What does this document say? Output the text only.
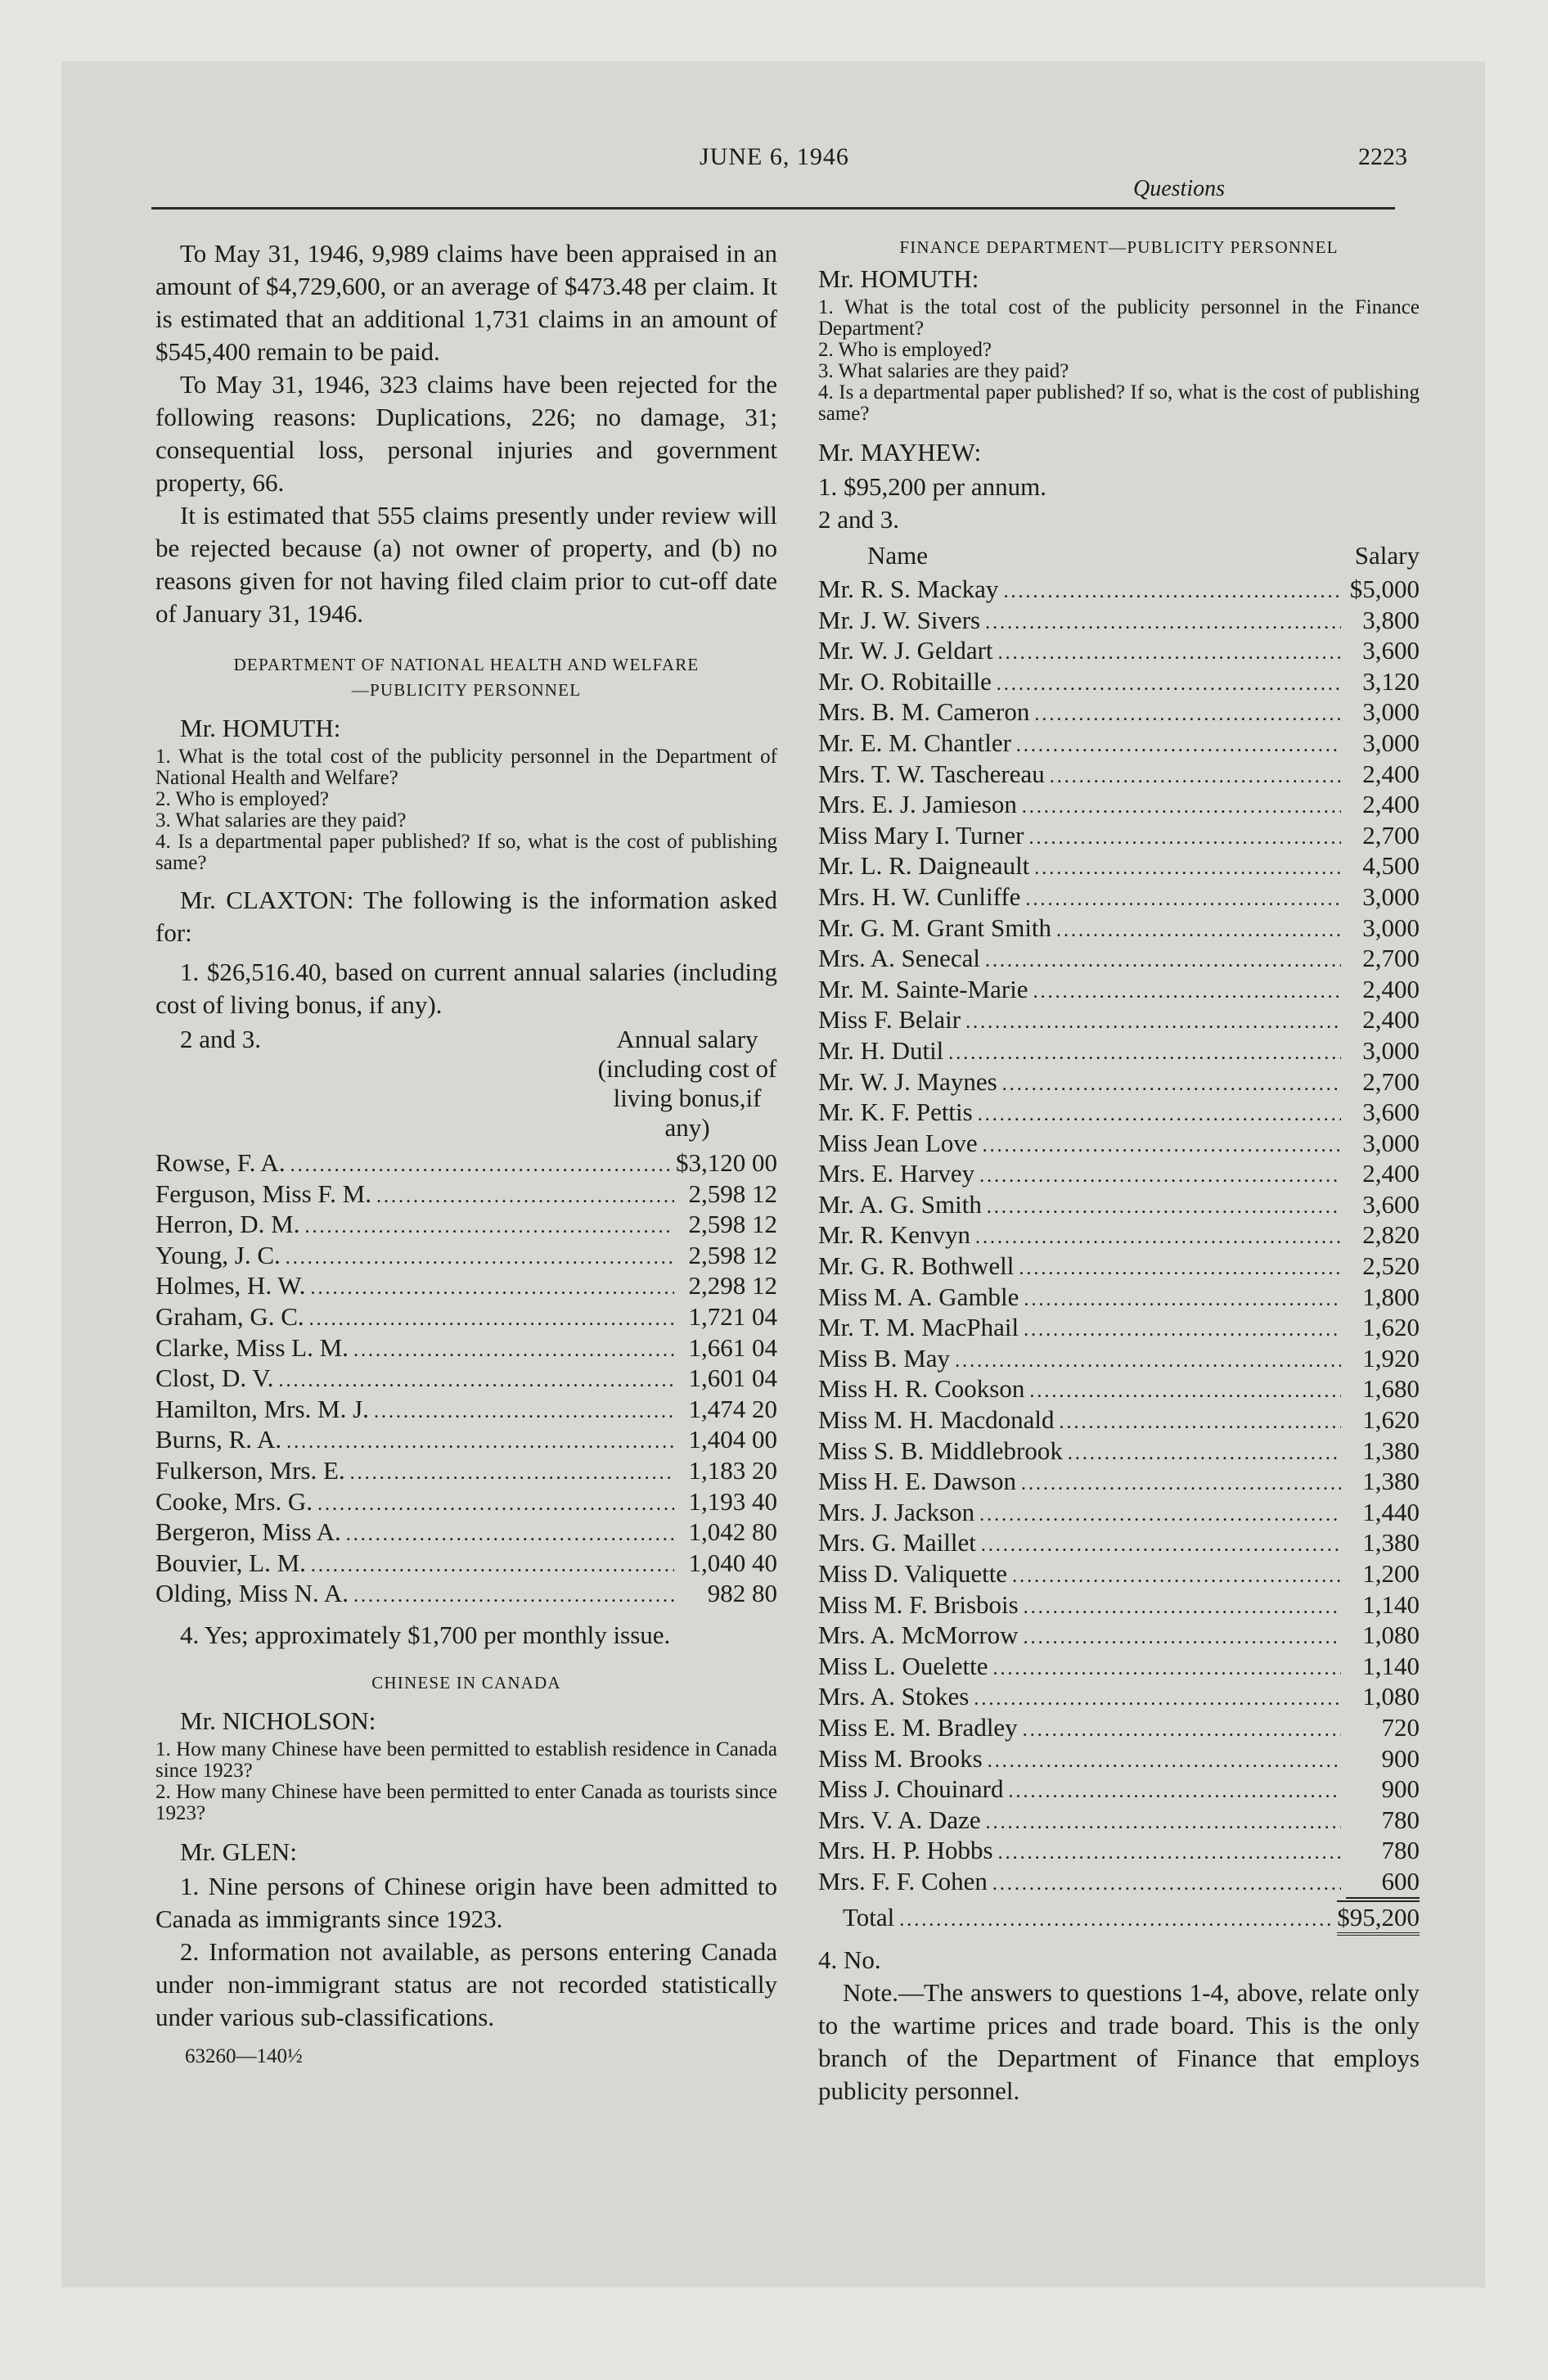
JUNE 6, 1946
Questions
2223

To May 31, 1946, 9,989 claims have been appraised in an amount of $4,729,600, or an average of $473.48 per claim. It is estimated that an additional 1,731 claims in an amount of $545,400 remain to be paid.

To May 31, 1946, 323 claims have been rejected for the following reasons: Duplications, 226; no damage, 31; consequential loss, personal injuries and government property, 66.

It is estimated that 555 claims presently under review will be rejected because (a) not owner of property, and (b) no reasons given for not having filed claim prior to cut-off date of January 31, 1946.

DEPARTMENT OF NATIONAL HEALTH AND WELFARE
—PUBLICITY PERSONNEL
Mr. HOMUTH:

1. What is the total cost of the publicity personnel in the Department of National Health and Welfare?

2. Who is employed?

3. What salaries are they paid?

4. Is a departmental paper published? If so, what is the cost of publishing same?

Mr. CLAXTON: The following is the information asked for:

1. $26,516.40, based on current annual salaries (including cost of living bonus, if any).

2 and 3.	Annual salary (including cost of living bonus,if any)
Rowse, F. A. .....	$3,120 00
Ferguson, Miss F. M. .....	2,598 12
Herron, D. M. .....	2,598 12
Young, J. C. .....	2,598 12
Holmes, H. W. .....	2,298 12
Graham, G. C. .....	1,721 04
Clarke, Miss L. M. .....	1,661 04
Clost, D. V. .....	1,601 04
Hamilton, Mrs. M. J. .....	1,474 20
Burns, R. A. .....	1,404 00
Fulkerson, Mrs. E. .....	1,183 20
Cooke, Mrs. G. .....	1,193 40
Bergeron, Miss A. .....	1,042 80
Bouvier, L. M. .....	1,040 40
Olding, Miss N. A. .....	982 80

4. Yes; approximately $1,700 per monthly issue.

CHINESE IN CANADA
Mr. NICHOLSON:

1. How many Chinese have been permitted to establish residence in Canada since 1923?

2. How many Chinese have been permitted to enter Canada as tourists since 1923?

Mr. GLEN:

1. Nine persons of Chinese origin have been admitted to Canada as immigrants since 1923.

2. Information not available, as persons entering Canada under non-immigrant status are not recorded statistically under various sub-classifications.

63260—140½
FINANCE DEPARTMENT—PUBLICITY PERSONNEL
Mr. HOMUTH:

1. What is the total cost of the publicity personnel in the Finance Department?

2. Who is employed?

3. What salaries are they paid?

4. Is a departmental paper published? If so, what is the cost of publishing same?

Mr. MAYHEW:

1. $95,200 per annum.

2 and 3.

Name	Salary
Mr. R. S. Mackay .....	$5,000
Mr. J. W. Sivers .....	3,800
Mr. W. J. Geldart .....	3,600
Mr. O. Robitaille .....	3,120
Mrs. B. M. Cameron .....	3,000
Mr. E. M. Chantler .....	3,000
Mrs. T. W. Taschereau .....	2,400
Mrs. E. J. Jamieson .....	2,400
Miss Mary I. Turner .....	2,700
Mr. L. R. Daigneault .....	4,500
Mrs. H. W. Cunliffe .....	3,000
Mr. G. M. Grant Smith .....	3,000
Mrs. A. Senecal .....	2,700
Mr. M. Sainte-Marie .....	2,400
Miss F. Belair .....	2,400
Mr. H. Dutil .....	3,000
Mr. W. J. Maynes .....	2,700
Mr. K. F. Pettis .....	3,600
Miss Jean Love .....	3,000
Mrs. E. Harvey .....	2,400
Mr. A. G. Smith .....	3,600
Mr. R. Kenvyn .....	2,820
Mr. G. R. Bothwell .....	2,520
Miss M. A. Gamble .....	1,800
Mr. T. M. MacPhail .....	1,620
Miss B. May .....	1,920
Miss H. R. Cookson .....	1,680
Miss M. H. Macdonald .....	1,620
Miss S. B. Middlebrook .....	1,380
Miss H. E. Dawson .....	1,380
Mrs. J. Jackson .....	1,440
Mrs. G. Maillet .....	1,380
Miss D. Valiquette .....	1,200
Miss M. F. Brisbois .....	1,140
Mrs. A. McMorrow .....	1,080
Miss L. Ouelette .....	1,140
Mrs. A. Stokes .....	1,080
Miss E. M. Bradley .....	720
Miss M. Brooks .....	900
Miss J. Chouinard .....	900
Mrs. V. A. Daze .....	780
Mrs. H. P. Hobbs .....	780
Mrs. F. F. Cohen .....	600
Total .....	$95,200

4. No.

Note.—The answers to questions 1-4, above, relate only to the wartime prices and trade board. This is the only branch of the Department of Finance that employs publicity personnel.
